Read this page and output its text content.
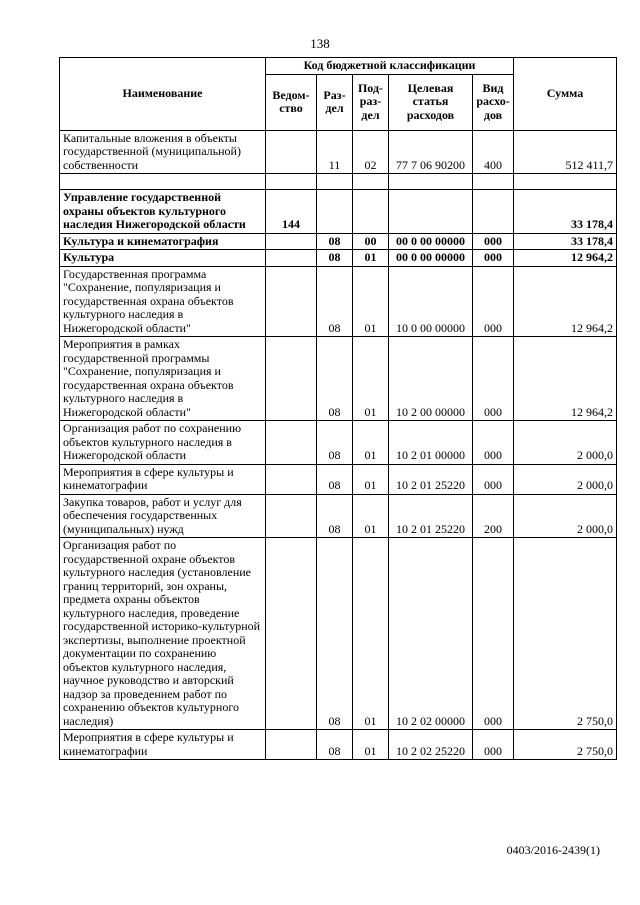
138
Наименование	Код бюджетной классификации					Сумма
	Ведом-ство	Раз-дел	Под-раз-дел	Целевая статья расходов	Вид расхо-дов	
Капитальные вложения в объекты государственной (муниципальной) собственности		11	02	77 7 06 90200	400	512 411,7

Управление государственной охраны объектов культурного наследия Нижегородской области	144					33 178,4
Культура и кинематография		08	00	00 0 00 00000	000	33 178,4
Культура		08	01	00 0 00 00000	000	12 964,2
Государственная программа "Сохранение, популяризация и государственная охрана объектов культурного наследия в Нижегородской области"		08	01	10 0 00 00000	000	12 964,2
Мероприятия в рамках государственной программы "Сохранение, популяризация и государственная охрана объектов культурного наследия в Нижегородской области"		08	01	10 2 00 00000	000	12 964,2
Организация работ по сохранению объектов культурного наследия в Нижегородской области		08	01	10 2 01 00000	000	2 000,0
Мероприятия в сфере культуры и кинематографии		08	01	10 2 01 25220	000	2 000,0
Закупка товаров, работ и услуг для обеспечения государственных (муниципальных) нужд		08	01	10 2 01 25220	200	2 000,0
Организация работ по государственной охране объектов культурного наследия (установление границ территорий, зон охраны, предмета охраны объектов культурного наследия, проведение государственной историко-культурной экспертизы, выполнение проектной документации по сохранению объектов культурного наследия, научное руководство и авторский надзор за проведением работ по сохранению объектов культурного наследия)		08	01	10 2 02 00000	000	2 750,0
Мероприятия в сфере культуры и кинематографии		08	01	10 2 02 25220	000	2 750,0
0403/2016-2439(1)
